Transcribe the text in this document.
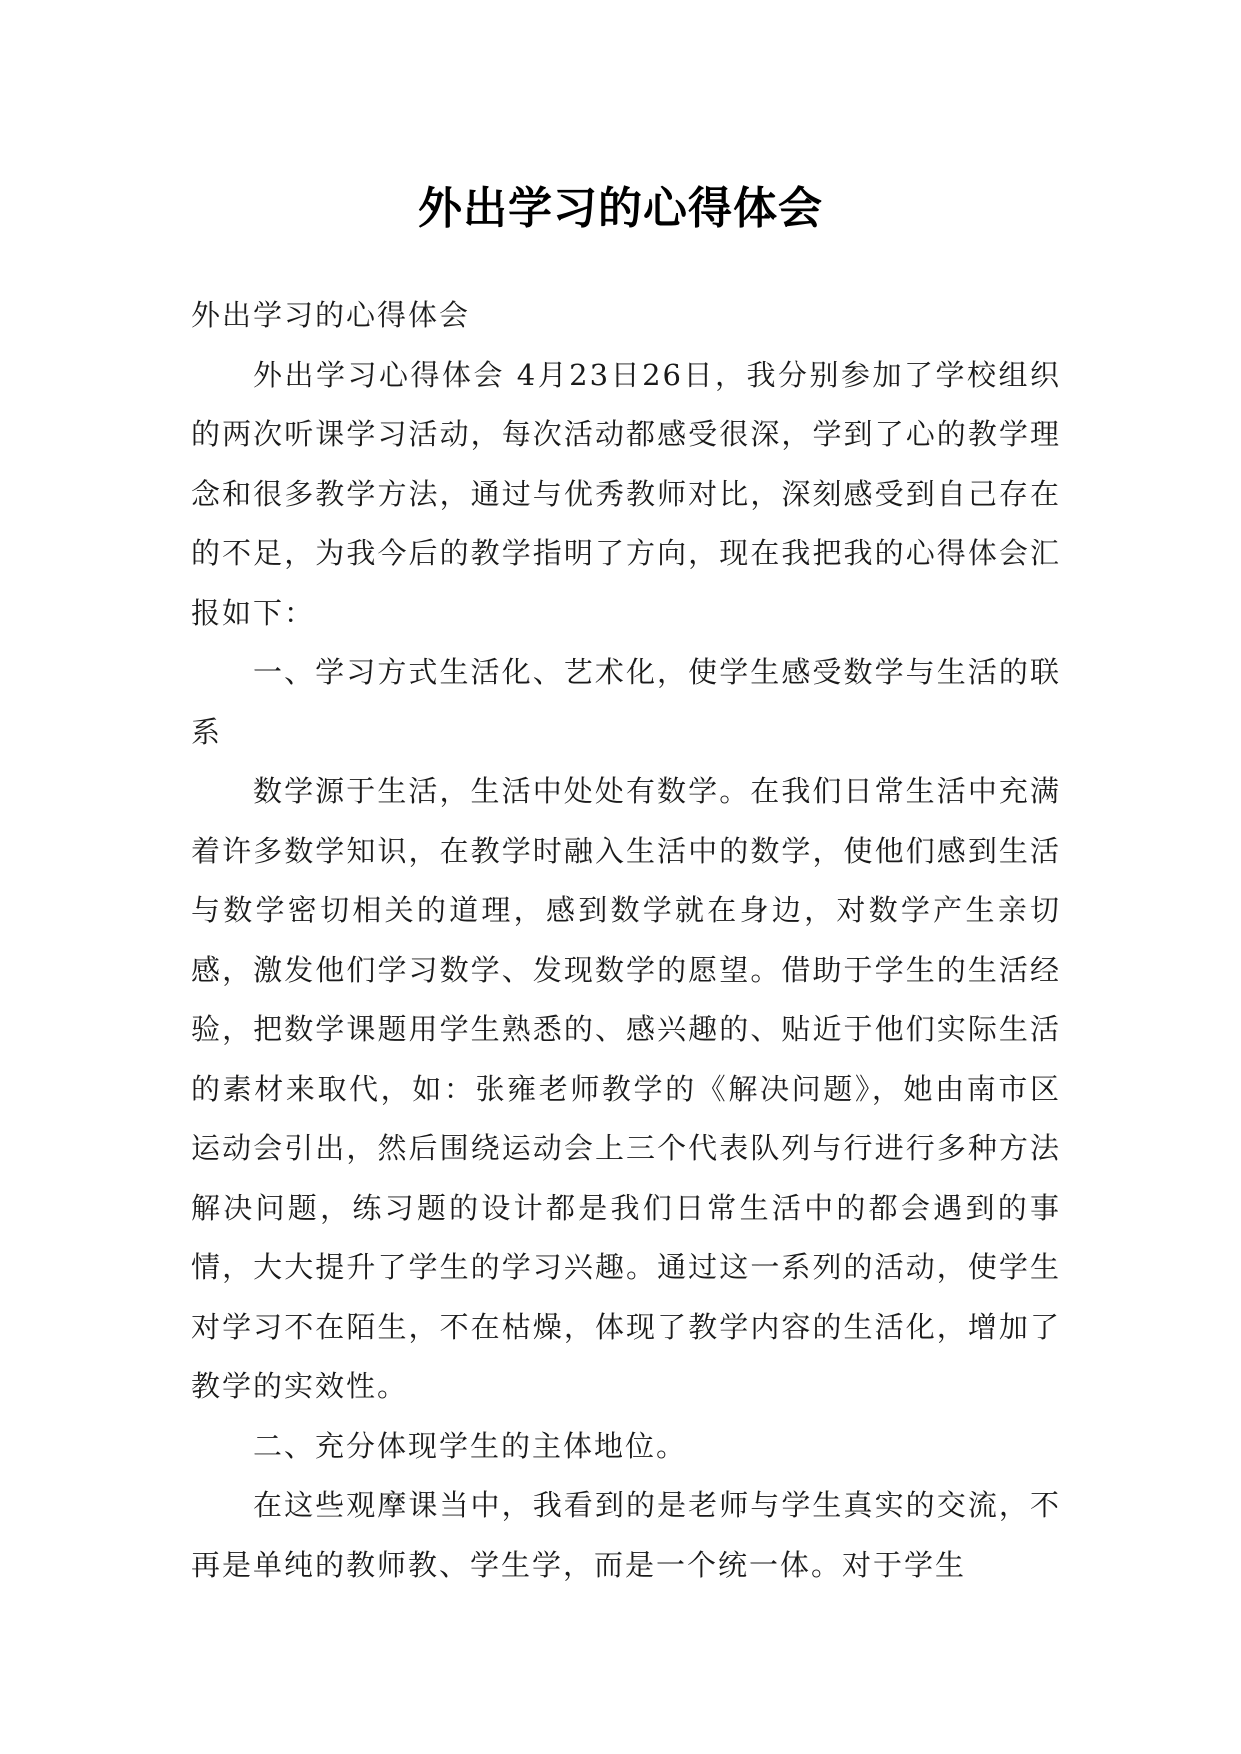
外出学习的心得体会

外出学习的心得体会

外出学习心得体会 4月23日26日，我分别参加了学校组织的两次听课学习活动，每次活动都感受很深，学到了心的教学理念和很多教学方法，通过与优秀教师对比，深刻感受到自己存在的不足，为我今后的教学指明了方向，现在我把我的心得体会汇报如下：

一、学习方式生活化、艺术化，使学生感受数学与生活的联系

数学源于生活，生活中处处有数学。在我们日常生活中充满着许多数学知识，在教学时融入生活中的数学，使他们感到生活与数学密切相关的道理，感到数学就在身边，对数学产生亲切感，激发他们学习数学、发现数学的愿望。借助于学生的生活经验，把数学课题用学生熟悉的、感兴趣的、贴近于他们实际生活的素材来取代，如：张雍老师教学的《解决问题》，她由南市区运动会引出，然后围绕运动会上三个代表队列与行进行多种方法解决问题，练习题的设计都是我们日常生活中的都会遇到的事情，大大提升了学生的学习兴趣。通过这一系列的活动，使学生对学习不在陌生，不在枯燥，体现了教学内容的生活化，增加了教学的实效性。

二、充分体现学生的主体地位。

在这些观摩课当中，我看到的是老师与学生真实的交流，不再是单纯的教师教、学生学，而是一个统一体。对于学生
